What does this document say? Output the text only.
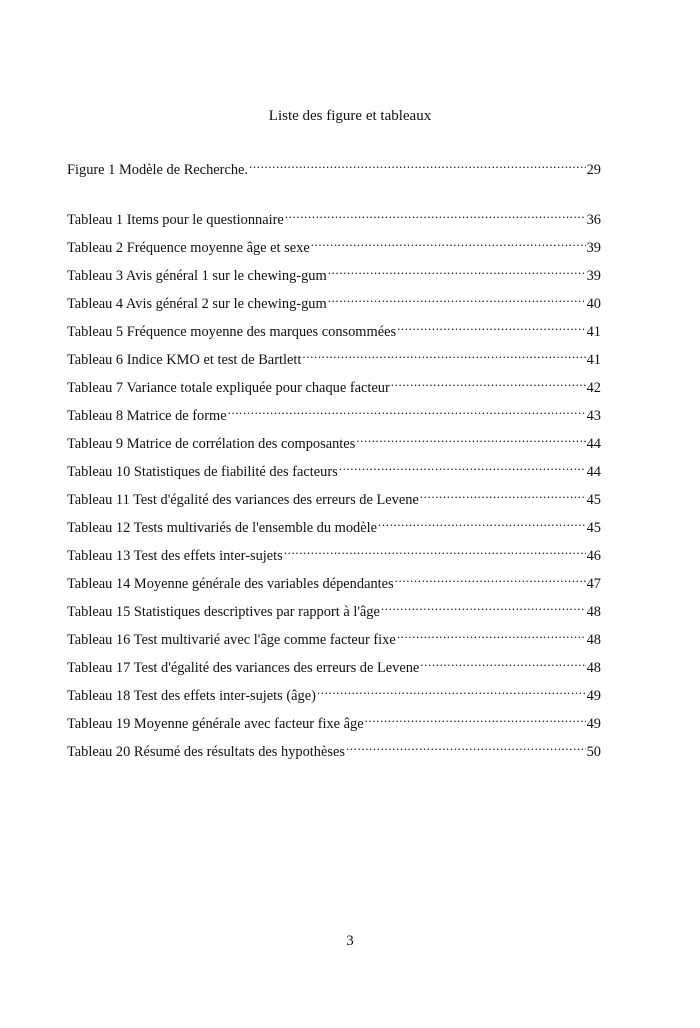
Liste des figure et tableaux
Figure 1 Modèle de Recherche. .....	29
Tableau 1 Items pour le questionnaire .....	36
Tableau 2 Fréquence moyenne âge et sexe .....	39
Tableau 3 Avis général 1 sur le chewing-gum .....	39
Tableau 4 Avis général 2 sur le chewing-gum .....	40
Tableau 5 Fréquence moyenne des marques consommées .....	41
Tableau 6 Indice KMO et test de Bartlett .....	41
Tableau 7 Variance totale expliquée pour chaque facteur .....	42
Tableau 8 Matrice de forme .....	43
Tableau 9 Matrice de corrélation des composantes .....	44
Tableau 10 Statistiques de fiabilité des facteurs .....	44
Tableau 11 Test d'égalité des variances des erreurs de Levene .....	45
Tableau 12 Tests multivariés de l'ensemble du modèle .....	45
Tableau 13 Test des effets inter-sujets .....	46
Tableau 14 Moyenne générale des variables dépendantes .....	47
Tableau 15 Statistiques descriptives par rapport à l'âge .....	48
Tableau 16 Test multivarié avec l'âge comme facteur fixe .....	48
Tableau 17 Test d'égalité des variances des erreurs de Levene .....	48
Tableau 18 Test des effets inter-sujets (âge) .....	49
Tableau 19 Moyenne générale avec facteur fixe âge .....	49
Tableau 20 Résumé des résultats des hypothèses .....	50
3
